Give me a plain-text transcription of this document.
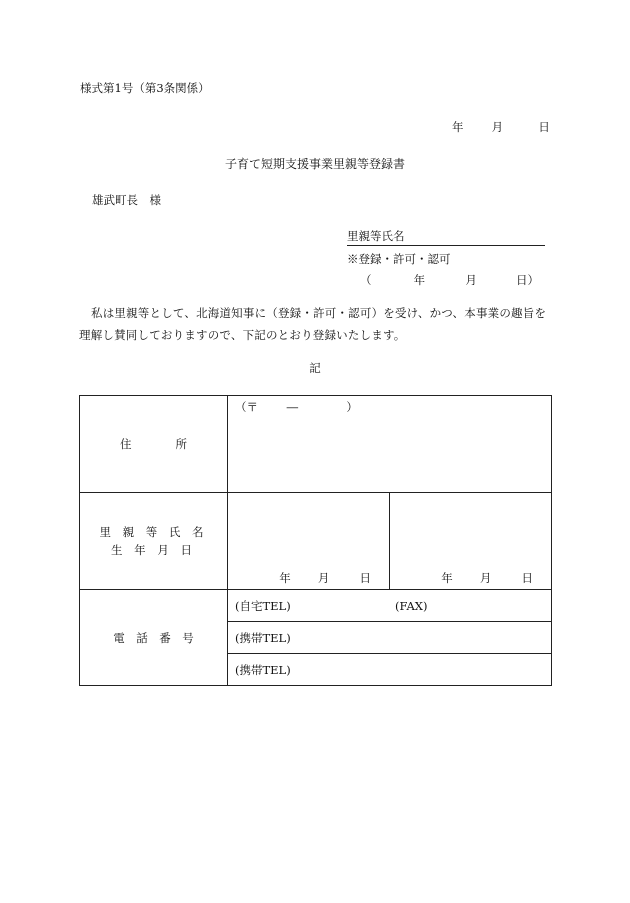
様式第1号（第3条関係）
年 月	日
子育て短期支援事業里親等登録書
雄武町長　様
里親等氏名
※登録・許可・認可
（	年	月	日）
私は里親等として、北海道知事に（登録・許可・認可）を受け、かつ、本事業の趣旨を理解し賛同しておりますので、下記のとおり登録いたします。
記
住 所	（〒 ― ）	

里 親 等 氏 名
生 年 月 日	年 月 日	年 月 日

電　話　番　号	(自宅TEL) (FAX)	
	(携帯TEL)	
	(携帯TEL)	
